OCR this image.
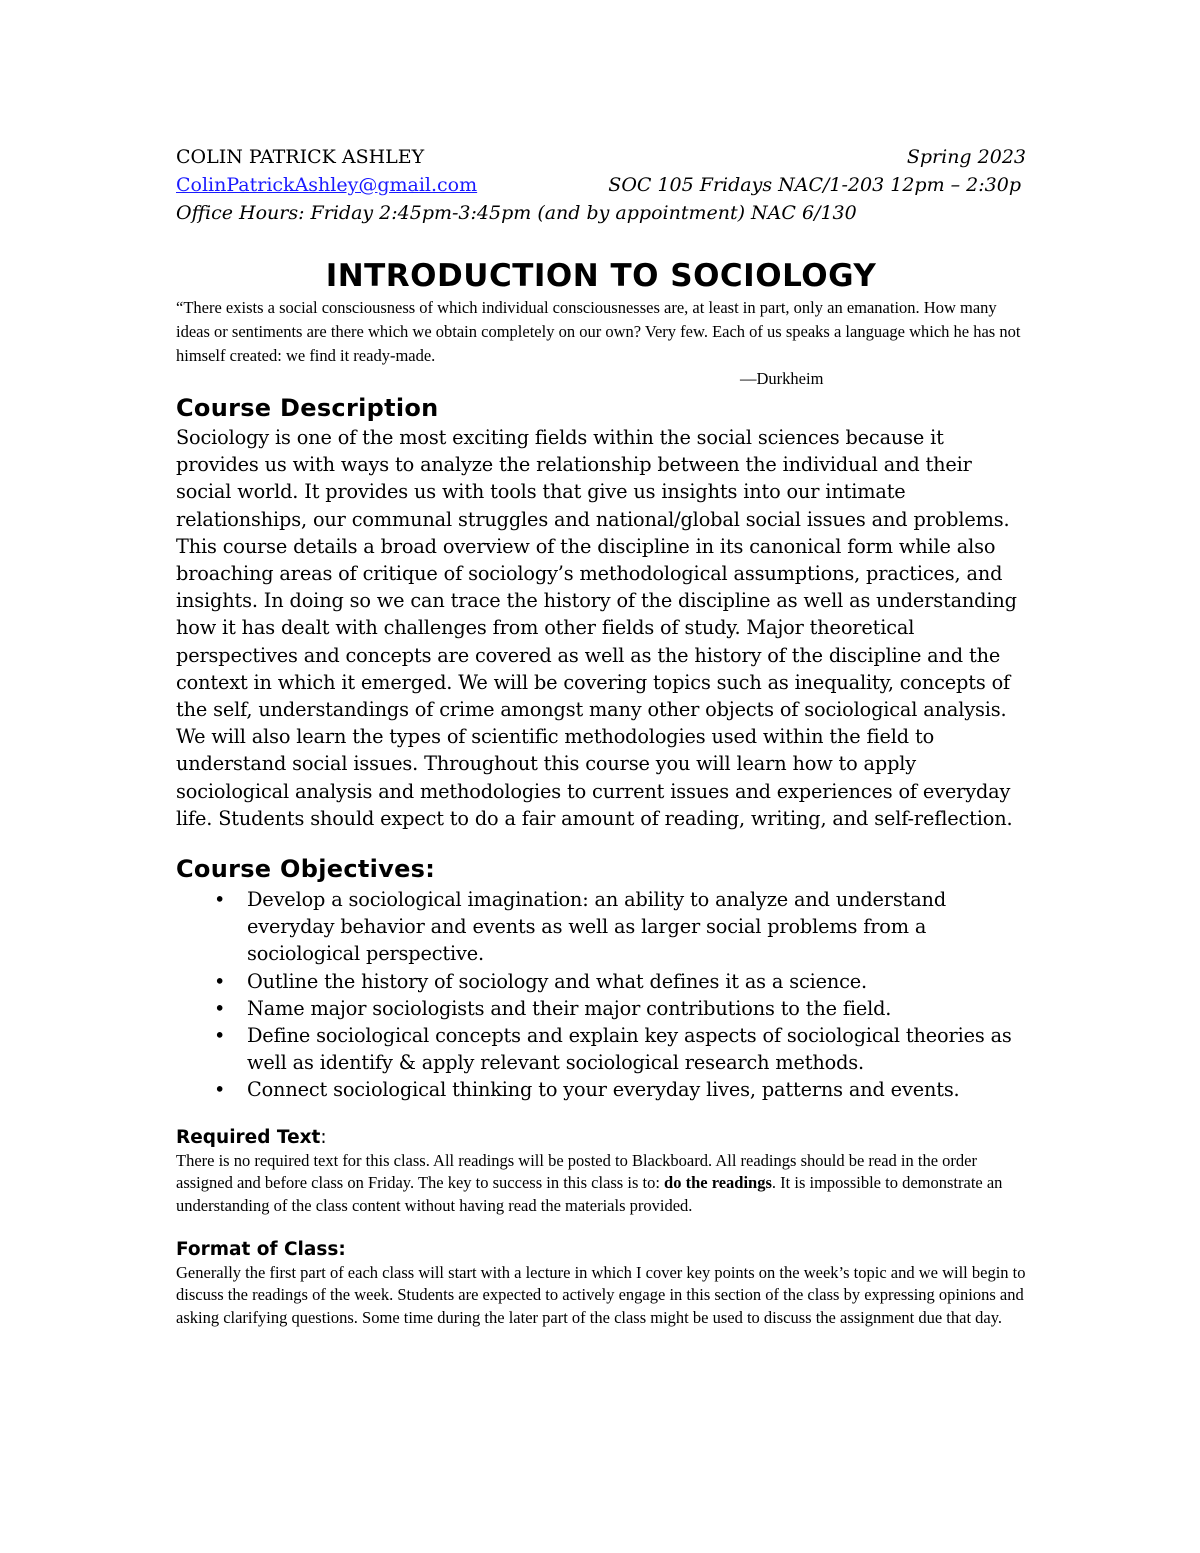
COLIN PATRICK ASHLEY	Spring 2023
ColinPatrickAshley@gmail.com	SOC 105 Fridays NAC/1-203 12pm – 2:30p
Office Hours: Friday 2:45pm-3:45pm (and by appointment) NAC 6/130
INTRODUCTION TO SOCIOLOGY
“There exists a social consciousness of which individual consciousnesses are, at least in part, only an emanation. How many ideas or sentiments are there which we obtain completely on our own? Very few. Each of us speaks a language which he has not himself created: we find it ready-made.
—Durkheim
Course Description

Sociology is one of the most exciting fields within the social sciences because it provides us with ways to analyze the relationship between the individual and their social world. It provides us with tools that give us insights into our intimate relationships, our communal struggles and national/global social issues and problems. This course details a broad overview of the discipline in its canonical form while also broaching areas of critique of sociology’s methodological assumptions, practices, and insights. In doing so we can trace the history of the discipline as well as understanding how it has dealt with challenges from other fields of study. Major theoretical perspectives and concepts are covered as well as the history of the discipline and the context in which it emerged. We will be covering topics such as inequality, concepts of the self, understandings of crime amongst many other objects of sociological analysis. We will also learn the types of scientific methodologies used within the field to understand social issues. Throughout this course you will learn how to apply sociological analysis and methodologies to current issues and experiences of everyday life. Students should expect to do a fair amount of reading, writing, and self-reflection.

Course Objectives:
• Develop a sociological imagination: an ability to analyze and understand everyday behavior and events as well as larger social problems from a sociological perspective.
• Outline the history of sociology and what defines it as a science.
• Name major sociologists and their major contributions to the field.
• Define sociological concepts and explain key aspects of sociological theories as well as identify & apply relevant sociological research methods.
• Connect sociological thinking to your everyday lives, patterns and events.
Required Text:

There is no required text for this class. All readings will be posted to Blackboard. All readings should be read in the order assigned and before class on Friday. The key to success in this class is to: do the readings. It is impossible to demonstrate an understanding of the class content without having read the materials provided.

Format of Class:

Generally the first part of each class will start with a lecture in which I cover key points on the week’s topic and we will begin to discuss the readings of the week. Students are expected to actively engage in this section of the class by expressing opinions and asking clarifying questions. Some time during the later part of the class might be used to discuss the assignment due that day.
